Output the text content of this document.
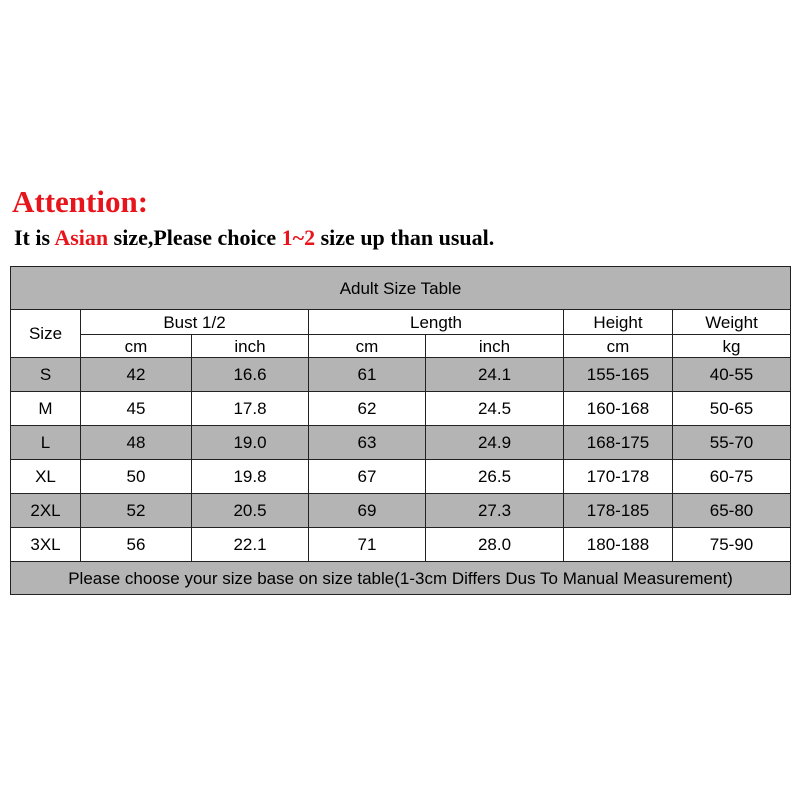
Attention:
It is Asian size,Please choice 1~2 size up than usual.
Adult Size Table						
Size	Bust 1/2		Length		Height	Weight
	cm	inch	cm	inch	cm	kg
S	42	16.6	61	24.1	155-165	40-55
M	45	17.8	62	24.5	160-168	50-65
L	48	19.0	63	24.9	168-175	55-70
XL	50	19.8	67	26.5	170-178	60-75
2XL	52	20.5	69	27.3	178-185	65-80
3XL	56	22.1	71	28.0	180-188	75-90
Please choose your size base on size table(1-3cm Differs Dus To Manual Measurement)						
